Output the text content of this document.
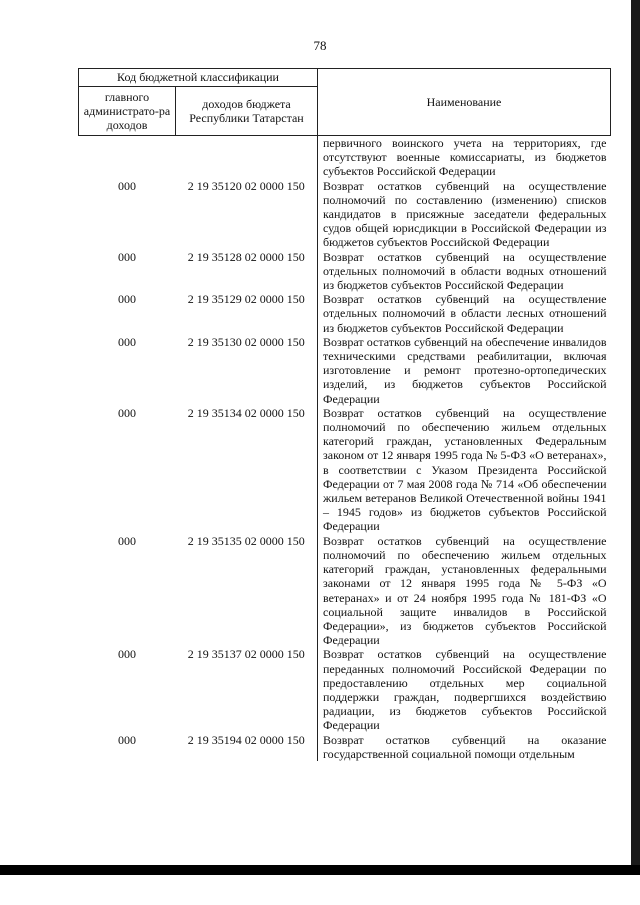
78
Код бюджетной классификации		Наименование
главного администрато-ра доходов	доходов бюджета Республики Татарстан	
		первичного воинского учета на территориях, где отсутствуют военные комиссариаты, из бюджетов субъектов Российской Федерации
000	2 19 35120 02 0000 150	Возврат остатков субвенций на осуществление полномочий по составлению (изменению) списков кандидатов в присяжные заседатели федеральных судов общей юрисдикции в Российской Федерации из бюджетов субъектов Российской Федерации
000	2 19 35128 02 0000 150	Возврат остатков субвенций на осуществление отдельных полномочий в области водных отношений из бюджетов субъектов Российской Федерации
000	2 19 35129 02 0000 150	Возврат остатков субвенций на осуществление отдельных полномочий в области лесных отношений из бюджетов субъектов Российской Федерации
000	2 19 35130 02 0000 150	Возврат остатков субвенций на обеспечение инвалидов техническими средствами реабилитации, включая изготовление и ремонт протезно-ортопедических изделий, из бюджетов субъектов Российской Федерации
000	2 19 35134 02 0000 150	Возврат остатков субвенций на осуществление полномочий по обеспечению жильем отдельных категорий граждан, установленных Федеральным законом от 12 января 1995 года № 5-ФЗ «О ветеранах», в соответствии с Указом Президента Российской Федерации от 7 мая 2008 года № 714 «Об обеспечении жильем ветеранов Великой Отечественной войны 1941 – 1945 годов» из бюджетов субъектов Российской Федерации
000	2 19 35135 02 0000 150	Возврат остатков субвенций на осуществление полномочий по обеспечению жильем отдельных категорий граждан, установленных федеральными законами от 12 января 1995 года № 5-ФЗ «О ветеранах» и от 24 ноября 1995 года № 181-ФЗ «О социальной защите инвалидов в Российской Федерации», из бюджетов субъектов Российской Федерации
000	2 19 35137 02 0000 150	Возврат остатков субвенций на осуществление переданных полномочий Российской Федерации по предоставлению отдельных мер социальной поддержки граждан, подвергшихся воздействию радиации, из бюджетов субъектов Российской Федерации
000	2 19 35194 02 0000 150	Возврат остатков субвенций на оказание государственной социальной помощи отдельным
